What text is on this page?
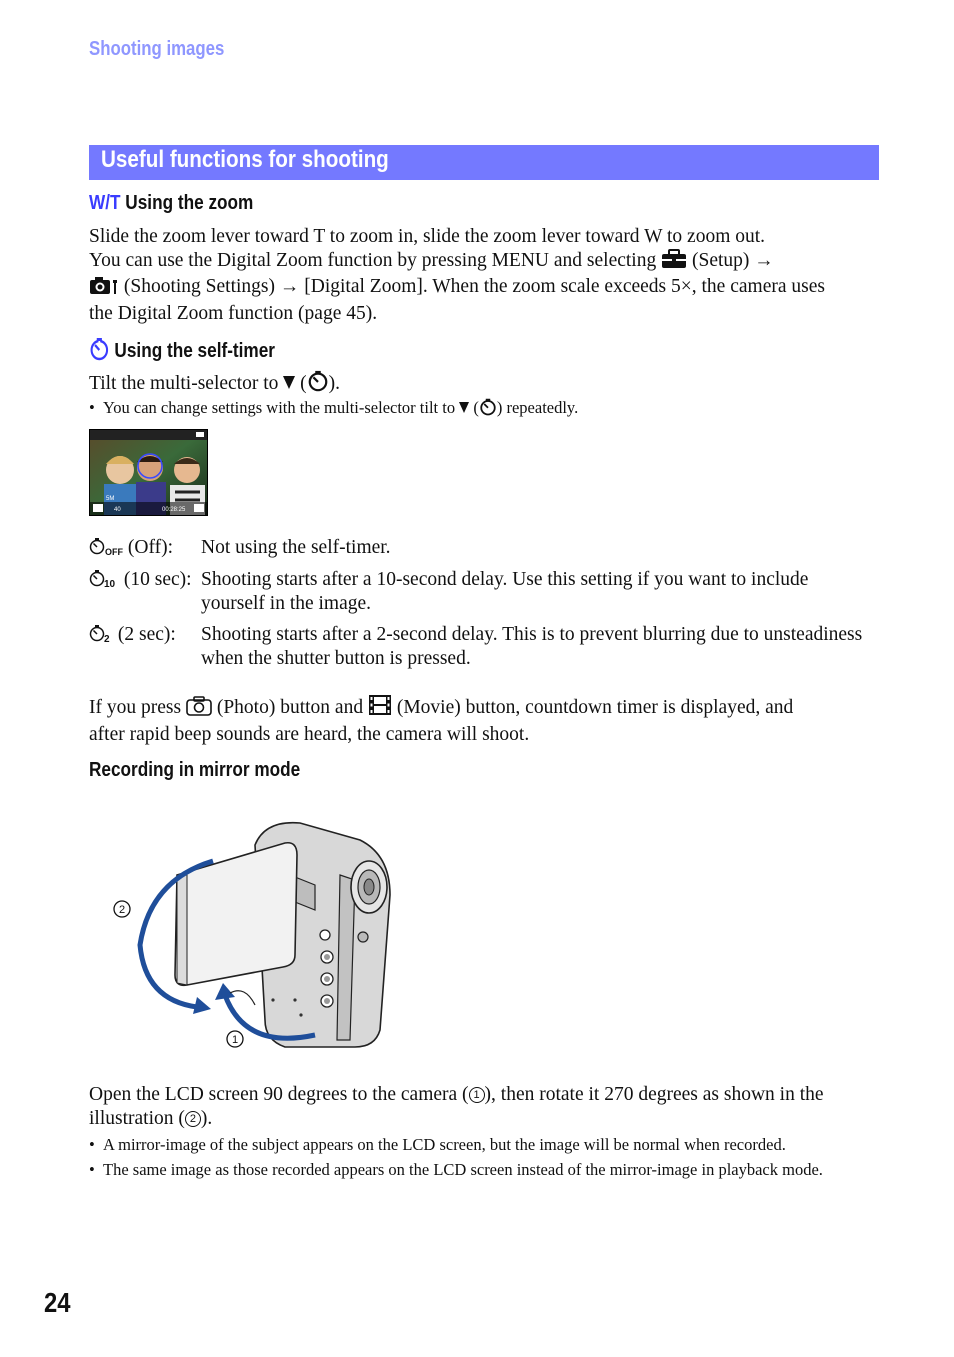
Shooting images
Useful functions for shooting
W/T Using the zoom
Slide the zoom lever toward T to zoom in, slide the zoom lever toward W to zoom out.
You can use the Digital Zoom function by pressing MENU and selecting (Setup) →
(Shooting Settings) → [Digital Zoom]. When the zoom scale exceeds 5×, the camera uses
the Digital Zoom function (page 45).
Using the self-timer
Tilt the multi-selector to ( ).
• You can change settings with the multi-selector tilt to ( ) repeatedly.
5M
40	00:28:25
OFF (Off): Not using the self-timer.
10 (10 sec): Shooting starts after a 10-second delay. Use this setting if you want to include yourself in the image.
2 (2 sec): Shooting starts after a 2-second delay. This is to prevent blurring due to unsteadiness when the shutter button is pressed.
If you press (Photo) button and (Movie) button, countdown timer is displayed, and
after rapid beep sounds are heard, the camera will shoot.
Recording in mirror mode
2
1
Open the LCD screen 90 degrees to the camera ( 1 ), then rotate it 270 degrees as shown in the
illustration ( 2 ).
• A mirror-image of the subject appears on the LCD screen, but the image will be normal when recorded.
• The same image as those recorded appears on the LCD screen instead of the mirror-image in playback mode.
24
